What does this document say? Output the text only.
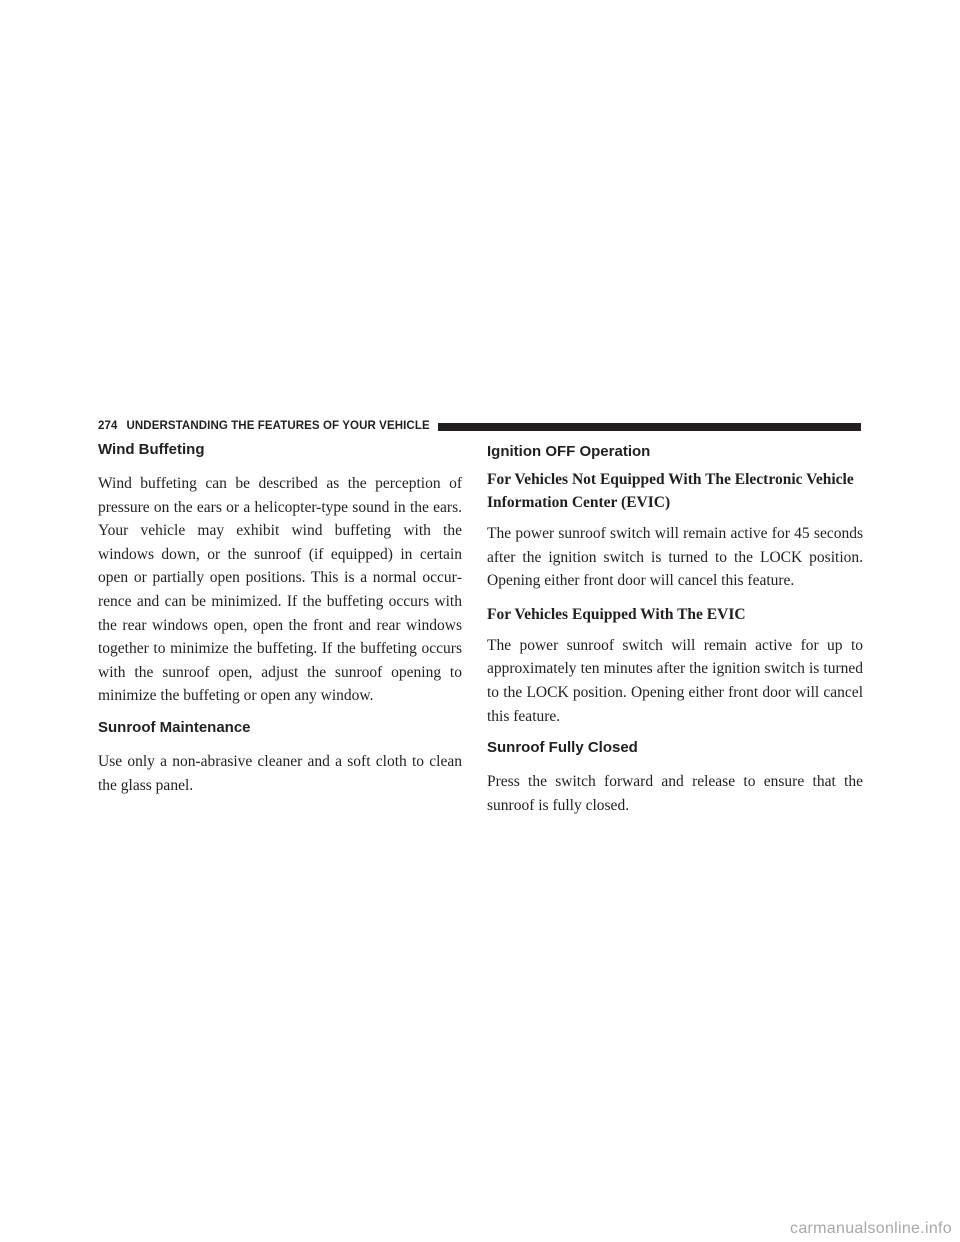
274 UNDERSTANDING THE FEATURES OF YOUR VEHICLE
Wind Buffeting

Wind buffeting can be described as the perception of pressure on the ears or a helicopter-type sound in the ears. Your vehicle may exhibit wind buffeting with the windows down, or the sunroof (if equipped) in certain open or partially open positions. This is a normal occurrence and can be minimized. If the buffeting occurs with the rear windows open, open the front and rear windows together to minimize the buffeting. If the buffeting occurs with the sunroof open, adjust the sunroof opening to minimize the buffeting or open any window.

Sunroof Maintenance

Use only a non-abrasive cleaner and a soft cloth to clean the glass panel.

Ignition OFF Operation
For Vehicles Not Equipped With The Electronic Vehicle Information Center (EVIC)

The power sunroof switch will remain active for 45 seconds after the ignition switch is turned to the LOCK position. Opening either front door will cancel this feature.

For Vehicles Equipped With The EVIC

The power sunroof switch will remain active for up to approximately ten minutes after the ignition switch is turned to the LOCK position. Opening either front door will cancel this feature.

Sunroof Fully Closed

Press the switch forward and release to ensure that the sunroof is fully closed.

carmanualsonline.info
